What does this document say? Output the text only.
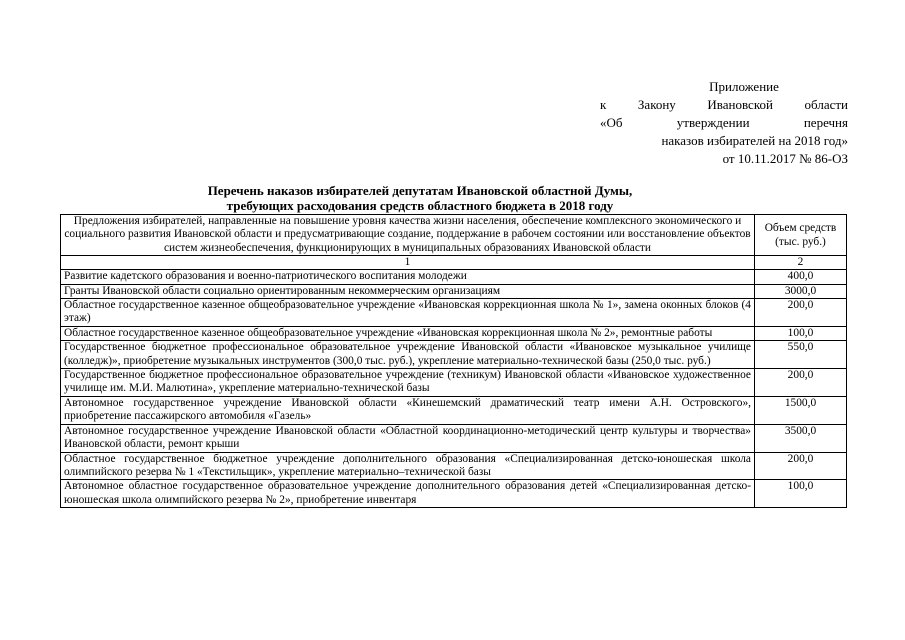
Приложение
к Закону Ивановской области
«Об утверждении перечня
наказов избирателей на 2018 год»
от 10.11.2017 № 86-ОЗ
Перечень наказов избирателей депутатам Ивановской областной Думы,
требующих расходования средств областного бюджета в 2018 году
Предложения избирателей, направленные на повышение уровня качества жизни населения, обеспечение комплексного экономического и социального развития Ивановской области и предусматривающие создание, поддержание в рабочем состоянии или восстановление объектов систем жизнеобеспечения, функционирующих в муниципальных образованиях Ивановской области	Объем средств (тыс. руб.)
1	2
Развитие кадетского образования и военно-патриотического воспитания молодежи	400,0
Гранты Ивановской области социально ориентированным некоммерческим организациям	3000,0
Областное государственное казенное общеобразовательное учреждение «Ивановская коррекционная школа № 1», замена оконных блоков (4 этаж)	200,0
Областное государственное казенное общеобразовательное учреждение «Ивановская коррекционная школа № 2», ремонтные работы	100,0
Государственное бюджетное профессиональное образовательное учреждение Ивановской области «Ивановское музыкальное училище (колледж)», приобретение музыкальных инструментов (300,0 тыс. руб.), укрепление материально-технической базы (250,0 тыс. руб.)	550,0
Государственное бюджетное профессиональное образовательное учреждение (техникум) Ивановской области «Ивановское художественное училище им. М.И. Малютина», укрепление материально-технической базы	200,0
Автономное государственное учреждение Ивановской области «Кинешемский драматический театр имени А.Н. Островского», приобретение пассажирского автомобиля «Газель»	1500,0
Автономное государственное учреждение Ивановской области «Областной координационно-методический центр культуры и творчества» Ивановской области, ремонт крыши	3500,0
Областное государственное бюджетное учреждение дополнительного образования «Специализированная детско-юношеская школа олимпийского резерва № 1 «Текстильщик», укрепление материально–технической базы	200,0
Автономное областное государственное образовательное учреждение дополнительного образования детей «Специализированная детско-юношеская школа олимпийского резерва № 2», приобретение инвентаря	100,0
